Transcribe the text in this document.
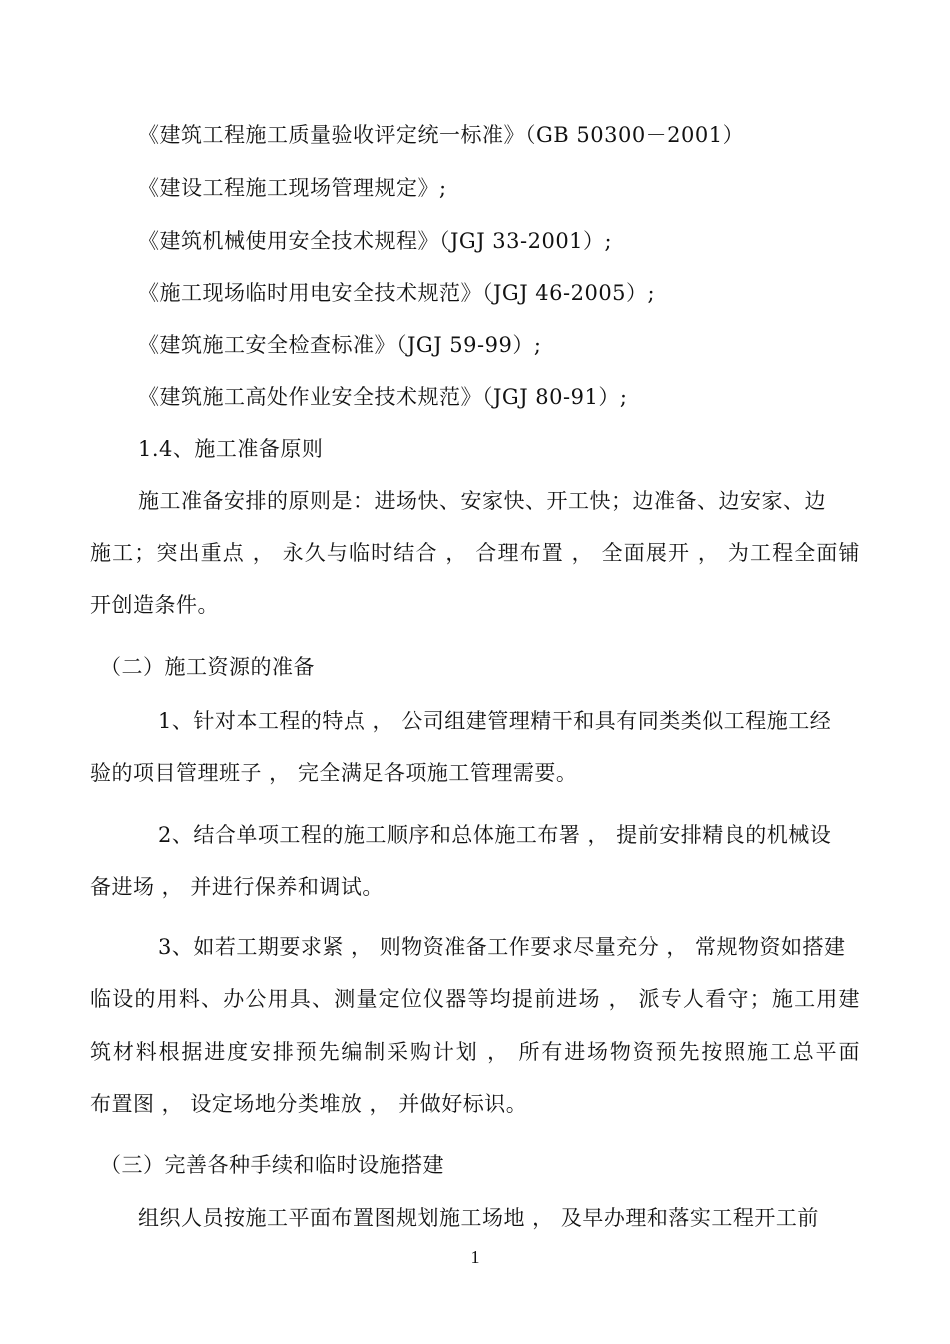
《建筑工程施工质量验收评定统一标准》（GB 50300－2001）
《建设工程施工现场管理规定》;
《建筑机械使用安全技术规程》（JGJ 33-2001）;
《施工现场临时用电安全技术规范》（JGJ 46-2005）;
《建筑施工安全检查标准》（JGJ 59-99）;
《建筑施工高处作业安全技术规范》（JGJ 80-91）;
1.4、施工准备原则
施工准备安排的原则是：进场快、安家快、开工快；边准备、边安家、边
施工；突出重点 ， 永久与临时结合 ， 合理布置 ， 全面展开 ， 为工程全面铺
开创造条件。
（二）施工资源的准备
1、针对本工程的特点 ， 公司组建管理精干和具有同类类似工程施工经
验的项目管理班子 ， 完全满足各项施工管理需要。
2、结合单项工程的施工顺序和总体施工布署 ， 提前安排精良的机械设
备进场 ， 并进行保养和调试。
3、如若工期要求紧 ， 则物资准备工作要求尽量充分 ， 常规物资如搭建
临设的用料、办公用具、测量定位仪器等均提前进场 ， 派专人看守；施工用建
筑材料根据进度安排预先编制采购计划 ， 所有进场物资预先按照施工总平面
布置图 ， 设定场地分类堆放 ， 并做好标识。
（三）完善各种手续和临时设施搭建
组织人员按施工平面布置图规划施工场地 ， 及早办理和落实工程开工前
1
